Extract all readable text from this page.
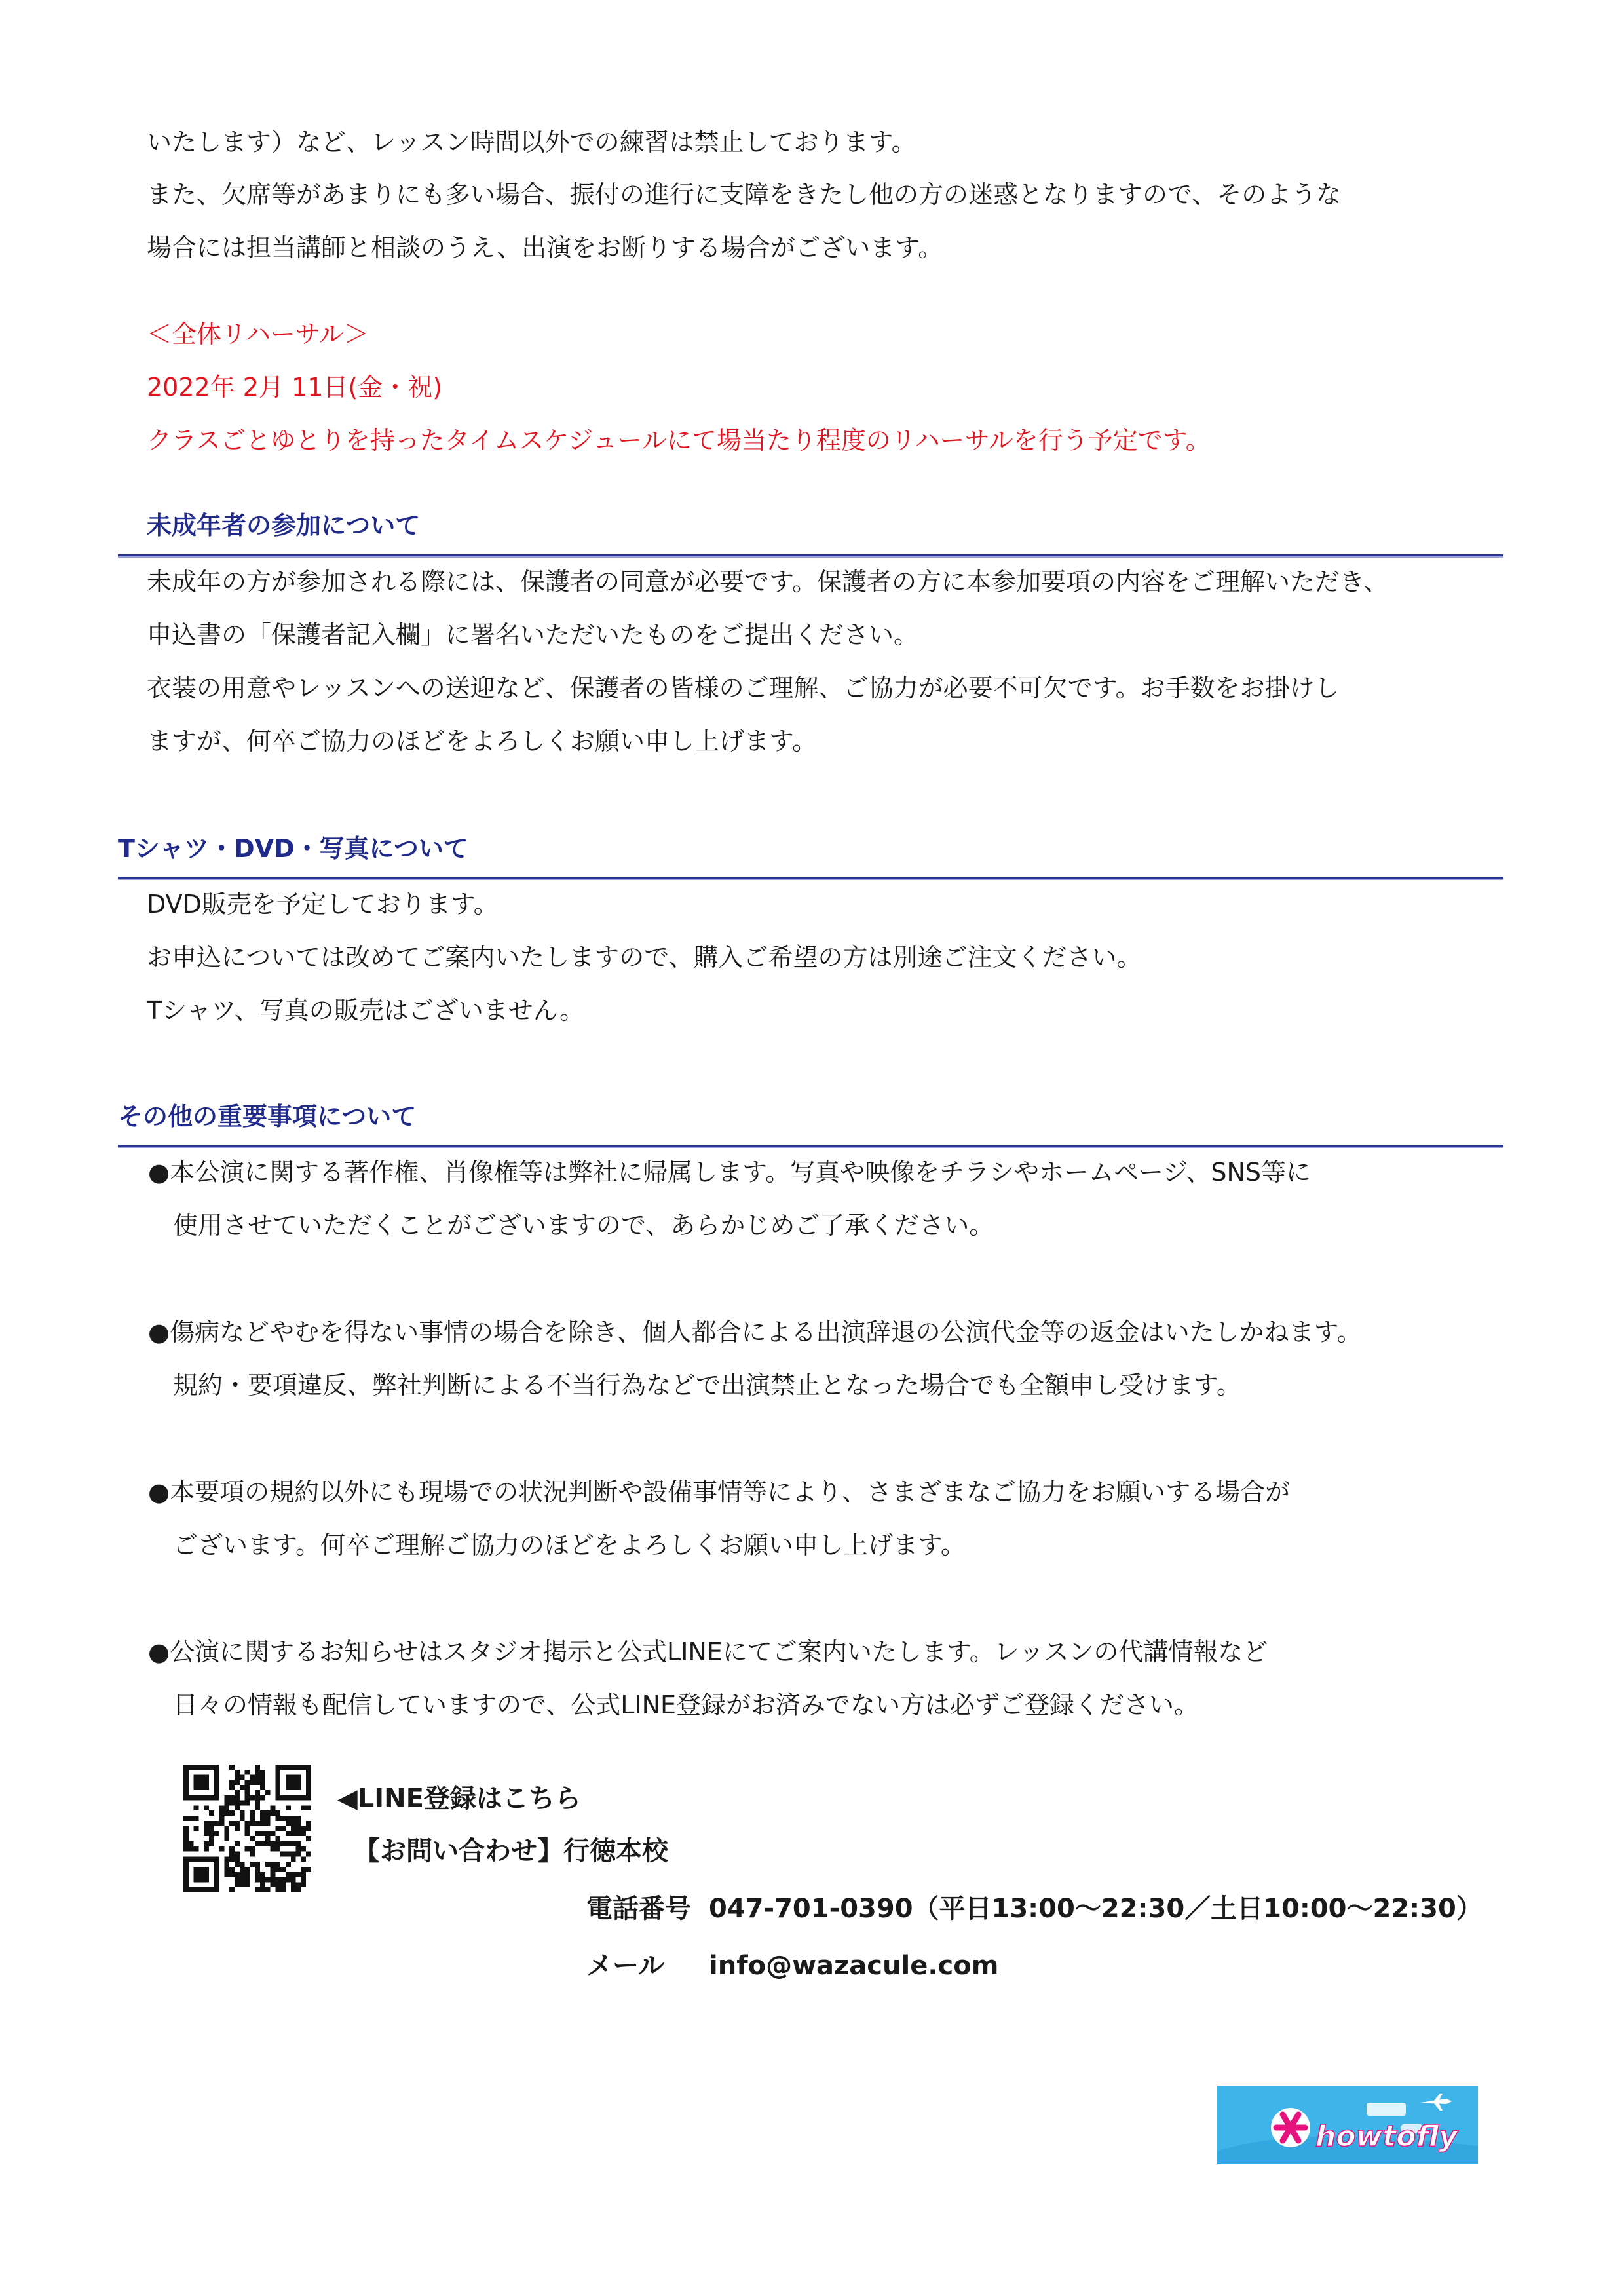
いたします）など、レッスン時間以外での練習は禁止しております。
また、欠席等があまりにも多い場合、振付の進行に支障をきたし他の方の迷惑となりますので、そのような
場合には担当講師と相談のうえ、出演をお断りする場合がございます。
＜全体リハーサル＞
2022年 2月 11日(金・祝)
クラスごとゆとりを持ったタイムスケジュールにて場当たり程度のリハーサルを行う予定です。
未成年者の参加について
未成年の方が参加される際には、保護者の同意が必要です。保護者の方に本参加要項の内容をご理解いただき、
申込書の「保護者記入欄」に署名いただいたものをご提出ください。
衣装の用意やレッスンへの送迎など、保護者の皆様のご理解、ご協力が必要不可欠です。お手数をお掛けし
ますが、何卒ご協力のほどをよろしくお願い申し上げます。
Tシャツ・DVD・写真について
DVD販売を予定しております。
お申込については改めてご案内いたしますので、購入ご希望の方は別途ご注文ください。
Tシャツ、写真の販売はございません。
その他の重要事項について
●本公演に関する著作権、肖像権等は弊社に帰属します。写真や映像をチラシやホームページ、SNS等に
使用させていただくことがございますので、あらかじめご了承ください。
●傷病などやむを得ない事情の場合を除き、個人都合による出演辞退の公演代金等の返金はいたしかねます。
規約・要項違反、弊社判断による不当行為などで出演禁止となった場合でも全額申し受けます。
●本要項の規約以外にも現場での状況判断や設備事情等により、さまざまなご協力をお願いする場合が
ございます。何卒ご理解ご協力のほどをよろしくお願い申し上げます。
●公演に関するお知らせはスタジオ掲示と公式LINEにてご案内いたします。レッスンの代講情報など
日々の情報も配信していますので、公式LINE登録がお済みでない方は必ずご登録ください。
◀LINE登録はこちら
【お問い合わせ】行徳本校
電話番号 047-701-0390（平日13:00～22:30／土日10:00～22:30）
メール info@wazacule.com
howtofly
